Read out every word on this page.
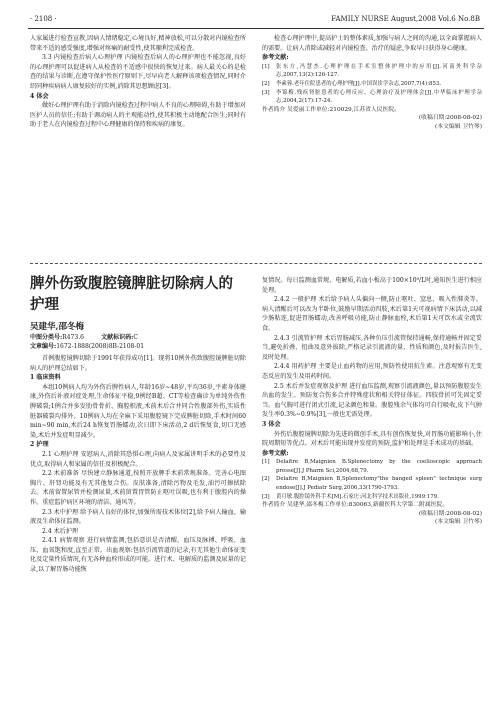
· 2108 ·	FAMILY NURSE August,2008 Vol.6 No.8B

人家属进行检查宣教,因病人情绪稳定,心境良好,精神放松,可以分散对内镜检查所带来不适的感受强度,增强对疼痛的耐受性,使其顺利完成检查。

3.3 内镜检查后病人心理护理 内镜检查后病人的心理护理也不能忽视,良好的心理护理可以促进病人从检查的不适感中很快的恢复过来。病人最关心的是检查的结果与诊断,在遵守保护性医疗原则下,尽早向老人解释该项检查情况,同时介绍同种疾病病人康复较好的实例,消除其思想顾虑[3]。

4 体会

做好心理护理有助于消除内镜检查过程中病人不良的心理障碍,有助于增加对医护人员的信任;有助于调动病人的主观能动性,使其积极主动地配合医生;同时有助于老人在内镜检查过程中心理健康的保持和疾病的康复。

检查心理护理中,提高护士的整体素质,加强与病人之间的沟通,以全面掌握病人的需要。让病人消除或减轻对内镜检查、治疗的疑虑,争取早日获得身心健康。

参考文献:

[1]	张东方,冯慧杰.心理护理在手术室整体护理中的应用[J].河南外科学杂志,2007,13(2):126-127.
[2]	李素蓉.老年住院患者的心理护理[J].中国误诊学杂志,2007,7(4):853.
[3]	李锦梅.残疾肾脏患者的心理反应、心理治疗及护理体会[J].中华临床护理学杂志,2004,2(17):17-24.
作者简介 吴爱丽工作单位:210029,江苏省人民医院。
(收稿日期:2008-08-02)
(本文编辑 卫竹琴)
脾外伤致腹腔镜脾脏切除病人的护理
吴建华,邵冬梅
中图分类号:R473.6	文献标识码:C
文章编号:1672-1888(2008)8B-2108-01

首例腹腔镜脾切除于1991年获得成功[1]。现将10例外伤致腹腔镜脾脏切除病人的护理总结如下。

1 临床资料

本组10例病人均为外伤后脾性病人,年龄16岁~48岁,平均36岁,平素身体健康,外伤后补液对症处理,生命体征平稳,9例经B超、CT等检查确诊为单纯外伤性脾破裂;1例合并多发肋骨骨折、胸腔积液,术前术后合并同合性腹部外伤,实质性脏器破裂均排外。10例病人均在全麻下采用腹腔镜下完成脾脏切除,手术时间60 min~90 min,术后24 h恢复胃肠蠕动,次日即下床活动,2 d后恢复食,切口无感染,术后并发症明显减少。

2 护理

2.1 心理护理 安慰病人,消除其恐惧心理,向病人及家属讲明手术的必要性及优点,取得病人和家属的信任及积极配合。

2.2 术前准备 尽快建立静脉通道,按照开放脾手术前常规准备。完善心电图胸片、肝肾功能及有无其他复合伤。皮肤准备,清除污物及毛发,油污可擦拭除去。术前留置尿管并检测尿量,术前留置胃管防止呕吐误吸,也有利于腹腔内的操作。重症监护病区环境的清洁、通风等。

2.3 术中护理 给予病人良好的体位,加强所需技术体位[2],给予病人输血、输液及生命体征监测。

2.4 术后护理

2.4.1 病情观察 进行病情监测,包括意识是否清醒、血压及脉搏、呼吸、血压、血氧饱和度,直至正常。出血观察:包括引流管道的记录,有无其他生命体征变化及定量性质情况,有无各种血栓形成的可能。进行术、电解质的监测及尿量的记录,以了解胃肠功能恢

复情况。每日监测血常规、电解质,若血小板高于100×10⁹/L时,通知医生进行相应处理。

2.4.2 一般护理 术后给予病人头偏向一侧,防止呕吐、窒息、吸入性肺炎等。病人清醒后可以改为半卧位,鼓励早期活动四肢,术后第1天可视病情下床活动,以减少肠粘连,促进胃肠蠕动,改善呼吸功能,防止静脉血栓,术后第1天可饮水或全流饮食。

2.4.3 引流管护理 术后胃肠减压,各种负压引流管保持通畅,保持通畅并固定妥当,避免折叠、扭曲及意外拔除,严格记录引流液的量、性质和颜色,及时报告医生,及时处理。

2.4.4 用药护理 主要是止血药物的应用,预防性使用抗生素。注意观察有无变态反应的发生及用药时间。

2.5 术后并发症观察及护理 进行血压监测,观察引流液颜色,量以预防腹腔发生出血的发生。预防复合伤多合并特殊症状和相关特征体征。四肢骨折可先固定妥当。血气胸可进行闭式引流,记录颜色和量。腹腔残余气体均可自行吸收,皮下气肿发生率0.3%~0.9%[3],一般也无需处理。

3 体会

外伤后腹腔镜脾切除为先进的微创手术,具有创伤恢复快,对胃肠功能影响小,住院周期短等优点。对术后可能出现并发症的预防,监护和处理是手术成功的基础。

参考文献:

[1]	Delaitre B,Maignien B.Splenectomy by the coelioscopic approach presse[J].J Pharm Sci,2004,68,79.
[2]	Delaitre B,Maignien B,Splenectomy"the banged spleen" technique surg endose[J].J Pediatr Surg,2006,33(1790-1793.
[3]	黄月敏.腹腔镜外科手术[M].石家庄:河北科学技术出版社,1999:179.
作者简介 吴建华,邵冬梅工作单位:830063,新疆医科大学第二附属医院。
(收稿日期:2008-08-02)
(本文编辑 卫竹琴)
